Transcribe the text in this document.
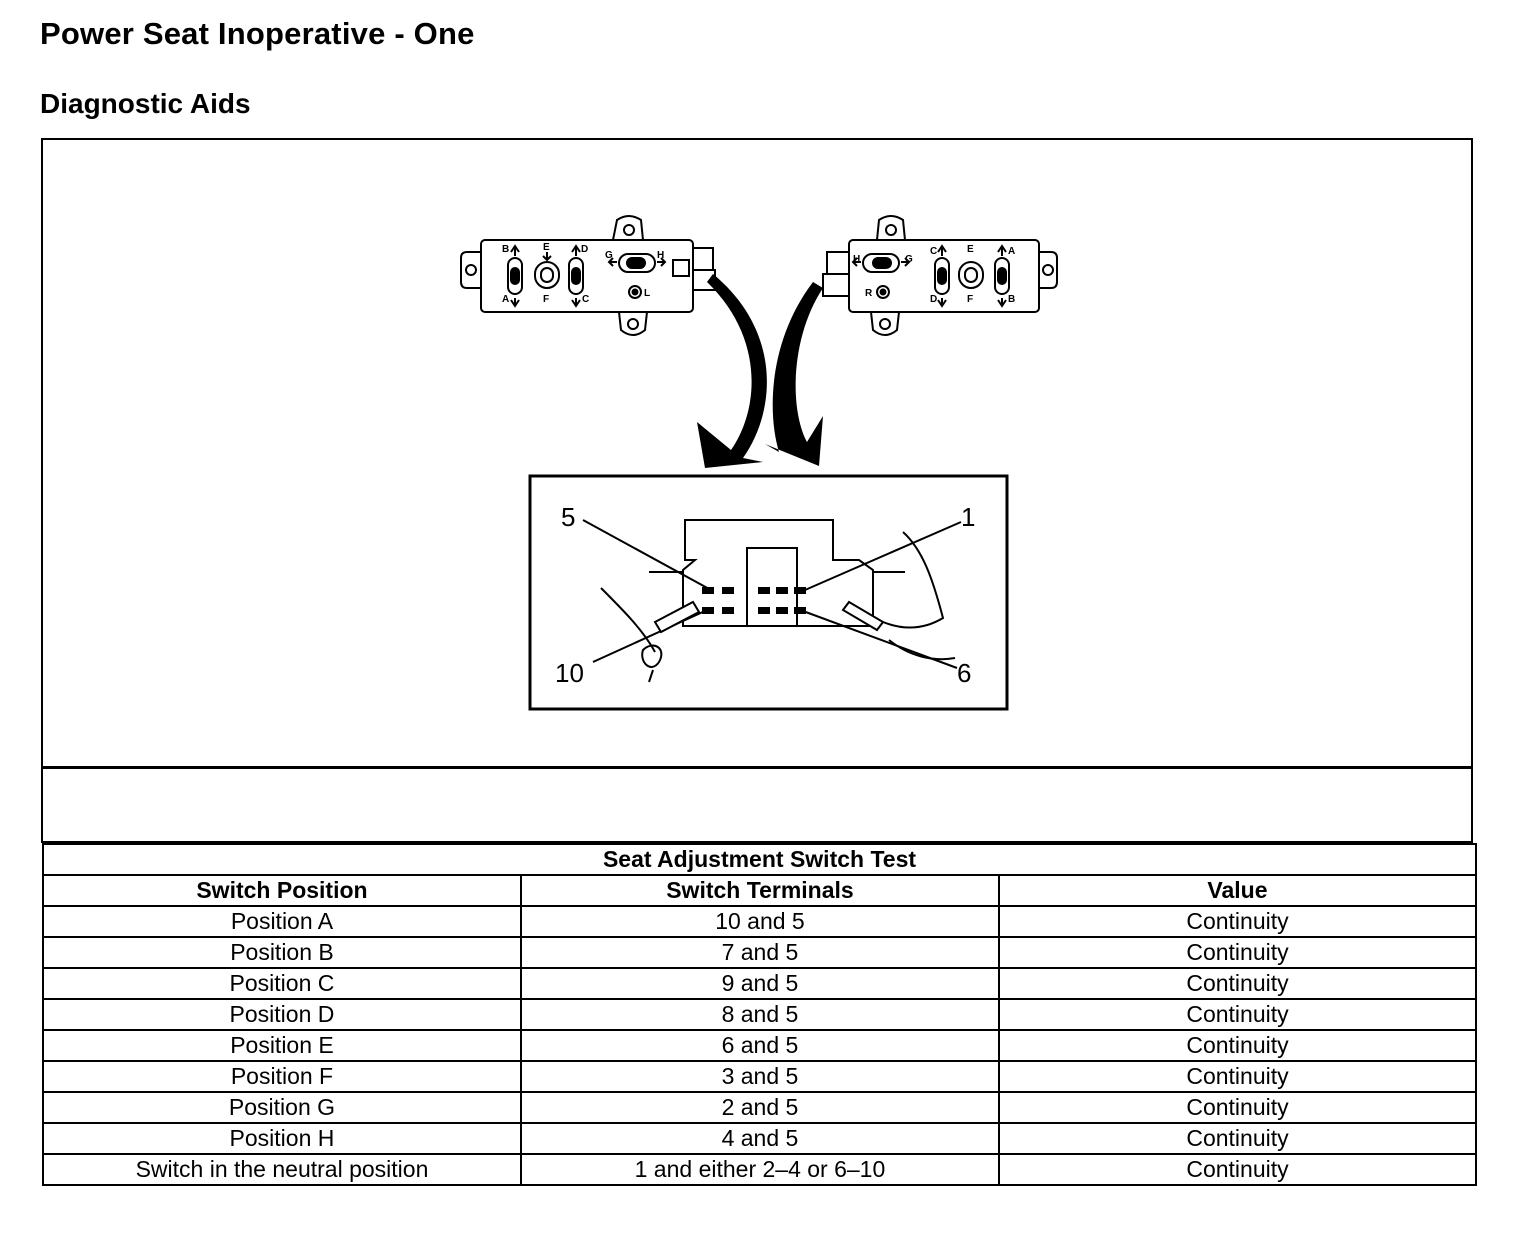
Power Seat Inoperative - One
Diagnostic Aids
B	E	D
G	H
A	F	C
L
H	G
C	E	A
R
D	F	B
5	1
10	6
Seat Adjustment Switch Test		
Switch Position	Switch Terminals	Value
Position A	10 and 5	Continuity
Position B	7 and 5	Continuity
Position C	9 and 5	Continuity
Position D	8 and 5	Continuity
Position E	6 and 5	Continuity
Position F	3 and 5	Continuity
Position G	2 and 5	Continuity
Position H	4 and 5	Continuity
Switch in the neutral position	1 and either 2–4 or 6–10	Continuity
